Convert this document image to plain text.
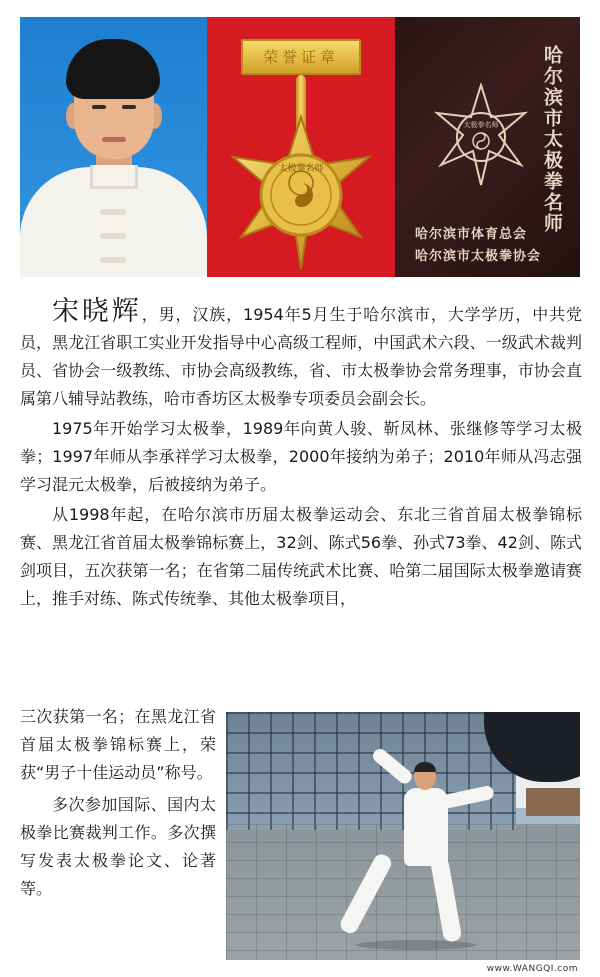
荣誉证章
太极拳名师	哈尔滨市太极拳名师
太极拳名师
哈尔滨市体育总会
哈尔滨市太极拳协会

宋晓辉，男，汉族，1954年5月生于哈尔滨市，大学学历，中共党员，黑龙江省职工实业开发指导中心高级工程师，中国武术六段、一级武术裁判员、省协会一级教练、市协会高级教练，省、市太极拳协会常务理事，市协会直属第八辅导站教练，哈市香坊区太极拳专项委员会副会长。

1975年开始学习太极拳，1989年向黄人骏、靳凤林、张继修等学习太极拳；1997年师从李承祥学习太极拳，2000年接纳为弟子；2010年师从冯志强学习混元太极拳，后被接纳为弟子。

从1998年起，在哈尔滨市历届太极拳运动会、东北三省首届太极拳锦标赛、黑龙江省首届太极拳锦标赛上，32剑、陈式56拳、孙式73拳、42剑、陈式剑项目，五次获第一名；在省第二届传统武术比赛、哈第二届国际太极拳邀请赛上，推手对练、陈式传统拳、其他太极拳项目，

三次获第一名；在黑龙江省首届太极拳锦标赛上，荣获“男子十佳运动员”称号。

多次参加国际、国内太极拳比赛裁判工作。多次撰写发表太极拳论文、论著等。

www.WANGQI.com
